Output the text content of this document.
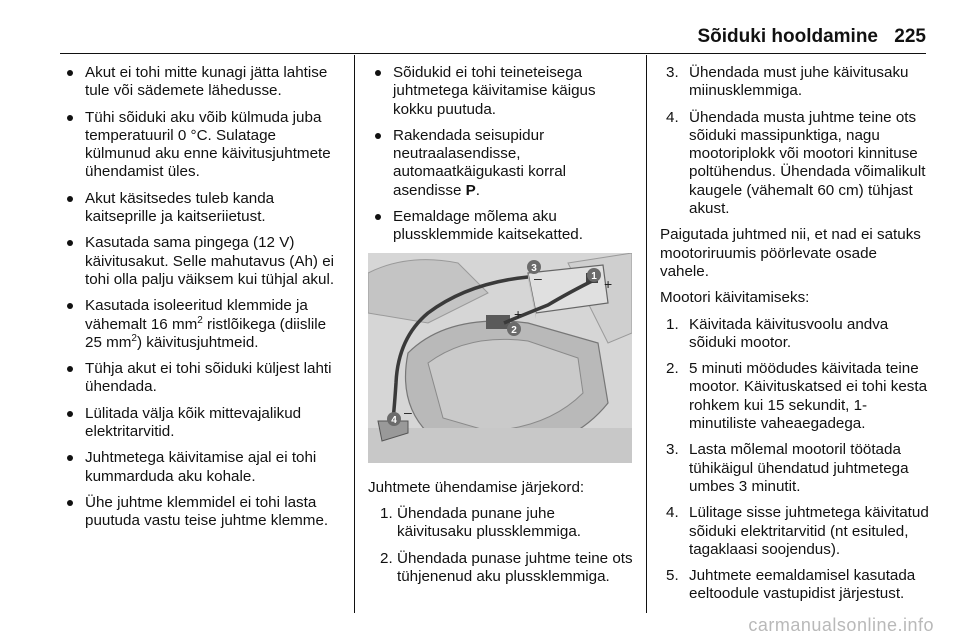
Sõiduki hooldamine 225
Akut ei tohi mitte kunagi jätta lahtise tule või sädemete lähedusse.
Tühi sõiduki aku võib külmuda juba temperatuuril 0 °C. Sulatage külmunud aku enne käivitusjuhtmete ühendamist üles.
Akut käsitsedes tuleb kanda kaitseprille ja kaitseriietust.
Kasutada sama pingega (12 V) käivitusakut. Selle mahutavus (Ah) ei tohi olla palju väiksem kui tühjal akul.
Kasutada isoleeritud klemmide ja vähemalt 16 $mm^2$ ristlõikega (diislile 25 $mm^2$) käivitusjuhtmeid.
Tühja akut ei tohi sõiduki küljest lahti ühendada.
Lülitada välja kõik mittevajalikud elektritarvitid.
Juhtmetega käivitamise ajal ei tohi kummarduda aku kohale.
Ühe juhtme klemmidel ei tohi lasta puutuda vastu teise juhtme klemme.
Sõidukid ei tohi teineteisega juhtmetega käivitamise käigus kokku puutuda.
Rakendada seisupidur neutraalasendisse, automaatkäigukasti korral asendisse P.
Eemaldage mõlema aku plussklemmide kaitsekatted.
1
2
3
4
+
+
–
–

Juhtmete ühendamise järjekord:

1. Ühendada punane juhe käivitusaku plussklemmiga.
2. Ühendada punase juhtme teine ots tühjenenud aku plussklemmiga.
3. Ühendada must juhe käivitusaku miinusklemmiga.
4. Ühendada musta juhtme teine ots sõiduki massipunktiga, nagu mootoriplokk või mootori kinnituse poltühendus. Ühendada võimalikult kaugele (vähemalt 60 cm) tühjast akust.

Paigutada juhtmed nii, et nad ei satuks mootoriruumis pöörlevate osade vahele.

Mootori käivitamiseks:

1. Käivitada käivitusvoolu andva sõiduki mootor.
2. 5 minuti möödudes käivitada teine mootor. Käivituskatsed ei tohi kesta rohkem kui 15 sekundit, 1-minutiliste vaheaegadega.
3. Lasta mõlemal mootoril töötada tühikäigul ühendatud juhtmetega umbes 3 minutit.
4. Lülitage sisse juhtmetega käivitatud sõiduki elektritarvitid (nt esituled, tagaklaasi soojendus).
5. Juhtmete eemaldamisel kasutada eeltoodule vastupidist järjestust.
carmanualsonline.info
